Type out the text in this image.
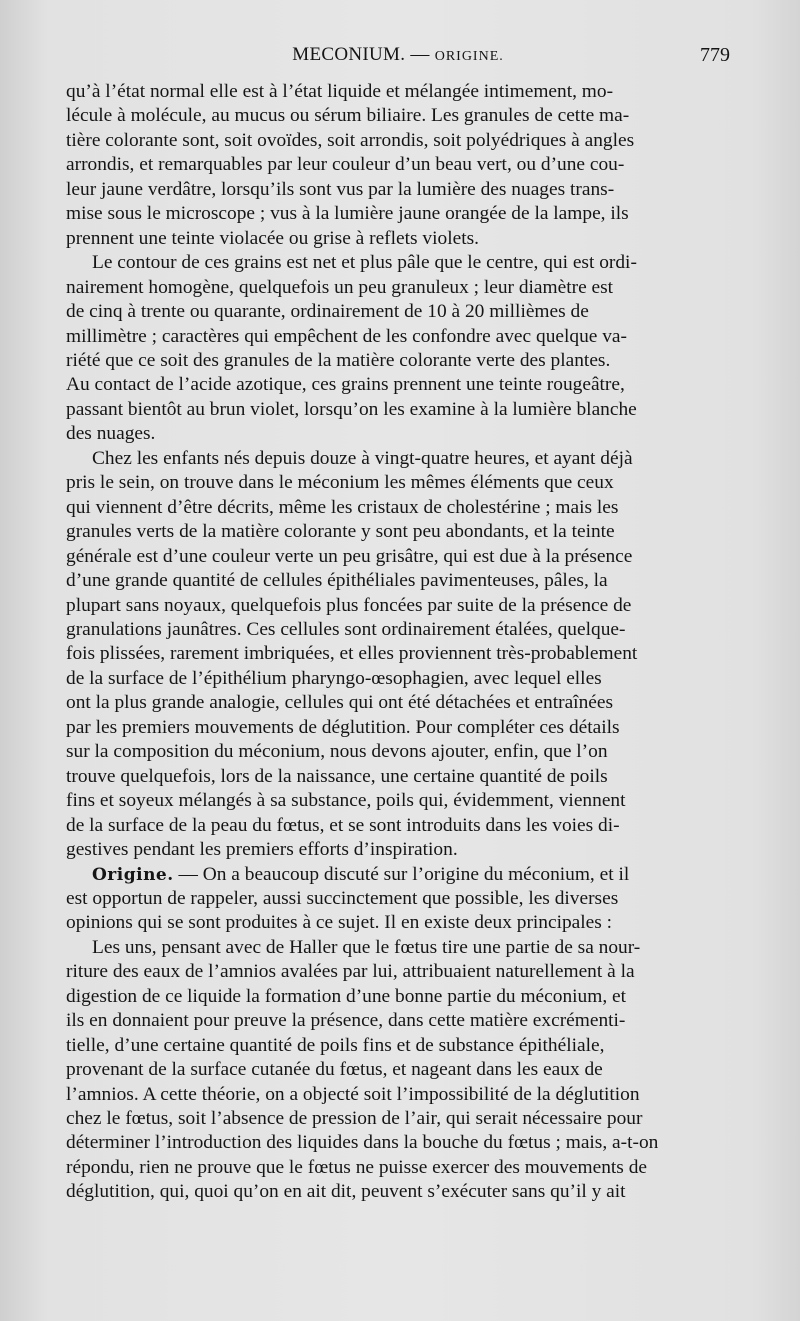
MECONIUM. — ORIGINE.	779

qu’à l’état normal elle est à l’état liquide et mélangée intimement, mo-
lécule à molécule, au mucus ou sérum biliaire. Les granules de cette ma-
tière colorante sont, soit ovoïdes, soit arrondis, soit polyédriques à angles
arrondis, et remarquables par leur couleur d’un beau vert, ou d’une cou-
leur jaune verdâtre, lorsqu’ils sont vus par la lumière des nuages trans-
mise sous le microscope ; vus à la lumière jaune orangée de la lampe, ils
prennent une teinte violacée ou grise à reflets violets.

Le contour de ces grains est net et plus pâle que le centre, qui est ordi-
nairement homogène, quelquefois un peu granuleux ; leur diamètre est
de cinq à trente ou quarante, ordinairement de 10 à 20 millièmes de
millimètre ; caractères qui empêchent de les confondre avec quelque va-
riété que ce soit des granules de la matière colorante verte des plantes.
Au contact de l’acide azotique, ces grains prennent une teinte rougeâtre,
passant bientôt au brun violet, lorsqu’on les examine à la lumière blanche
des nuages.

Chez les enfants nés depuis douze à vingt-quatre heures, et ayant déjà
pris le sein, on trouve dans le méconium les mêmes éléments que ceux
qui viennent d’être décrits, même les cristaux de cholestérine ; mais les
granules verts de la matière colorante y sont peu abondants, et la teinte
générale est d’une couleur verte un peu grisâtre, qui est due à la présence
d’une grande quantité de cellules épithéliales pavimenteuses, pâles, la
plupart sans noyaux, quelquefois plus foncées par suite de la présence de
granulations jaunâtres. Ces cellules sont ordinairement étalées, quelque-
fois plissées, rarement imbriquées, et elles proviennent très-probablement
de la surface de l’épithélium pharyngo-œsophagien, avec lequel elles
ont la plus grande analogie, cellules qui ont été détachées et entraînées
par les premiers mouvements de déglutition. Pour compléter ces détails
sur la composition du méconium, nous devons ajouter, enfin, que l’on
trouve quelquefois, lors de la naissance, une certaine quantité de poils
fins et soyeux mélangés à sa substance, poils qui, évidemment, viennent
de la surface de la peau du fœtus, et se sont introduits dans les voies di-
gestives pendant les premiers efforts d’inspiration.

Origine. — On a beaucoup discuté sur l’origine du méconium, et il
est opportun de rappeler, aussi succinctement que possible, les diverses
opinions qui se sont produites à ce sujet. Il en existe deux principales :

Les uns, pensant avec de Haller que le fœtus tire une partie de sa nour-
riture des eaux de l’amnios avalées par lui, attribuaient naturellement à la
digestion de ce liquide la formation d’une bonne partie du méconium, et
ils en donnaient pour preuve la présence, dans cette matière excrémenti-
tielle, d’une certaine quantité de poils fins et de substance épithéliale,
provenant de la surface cutanée du fœtus, et nageant dans les eaux de
l’amnios. A cette théorie, on a objecté soit l’impossibilité de la déglutition
chez le fœtus, soit l’absence de pression de l’air, qui serait nécessaire pour
déterminer l’introduction des liquides dans la bouche du fœtus ; mais, a-t-on
répondu, rien ne prouve que le fœtus ne puisse exercer des mouvements de
déglutition, qui, quoi qu’on en ait dit, peuvent s’exécuter sans qu’il y ait
